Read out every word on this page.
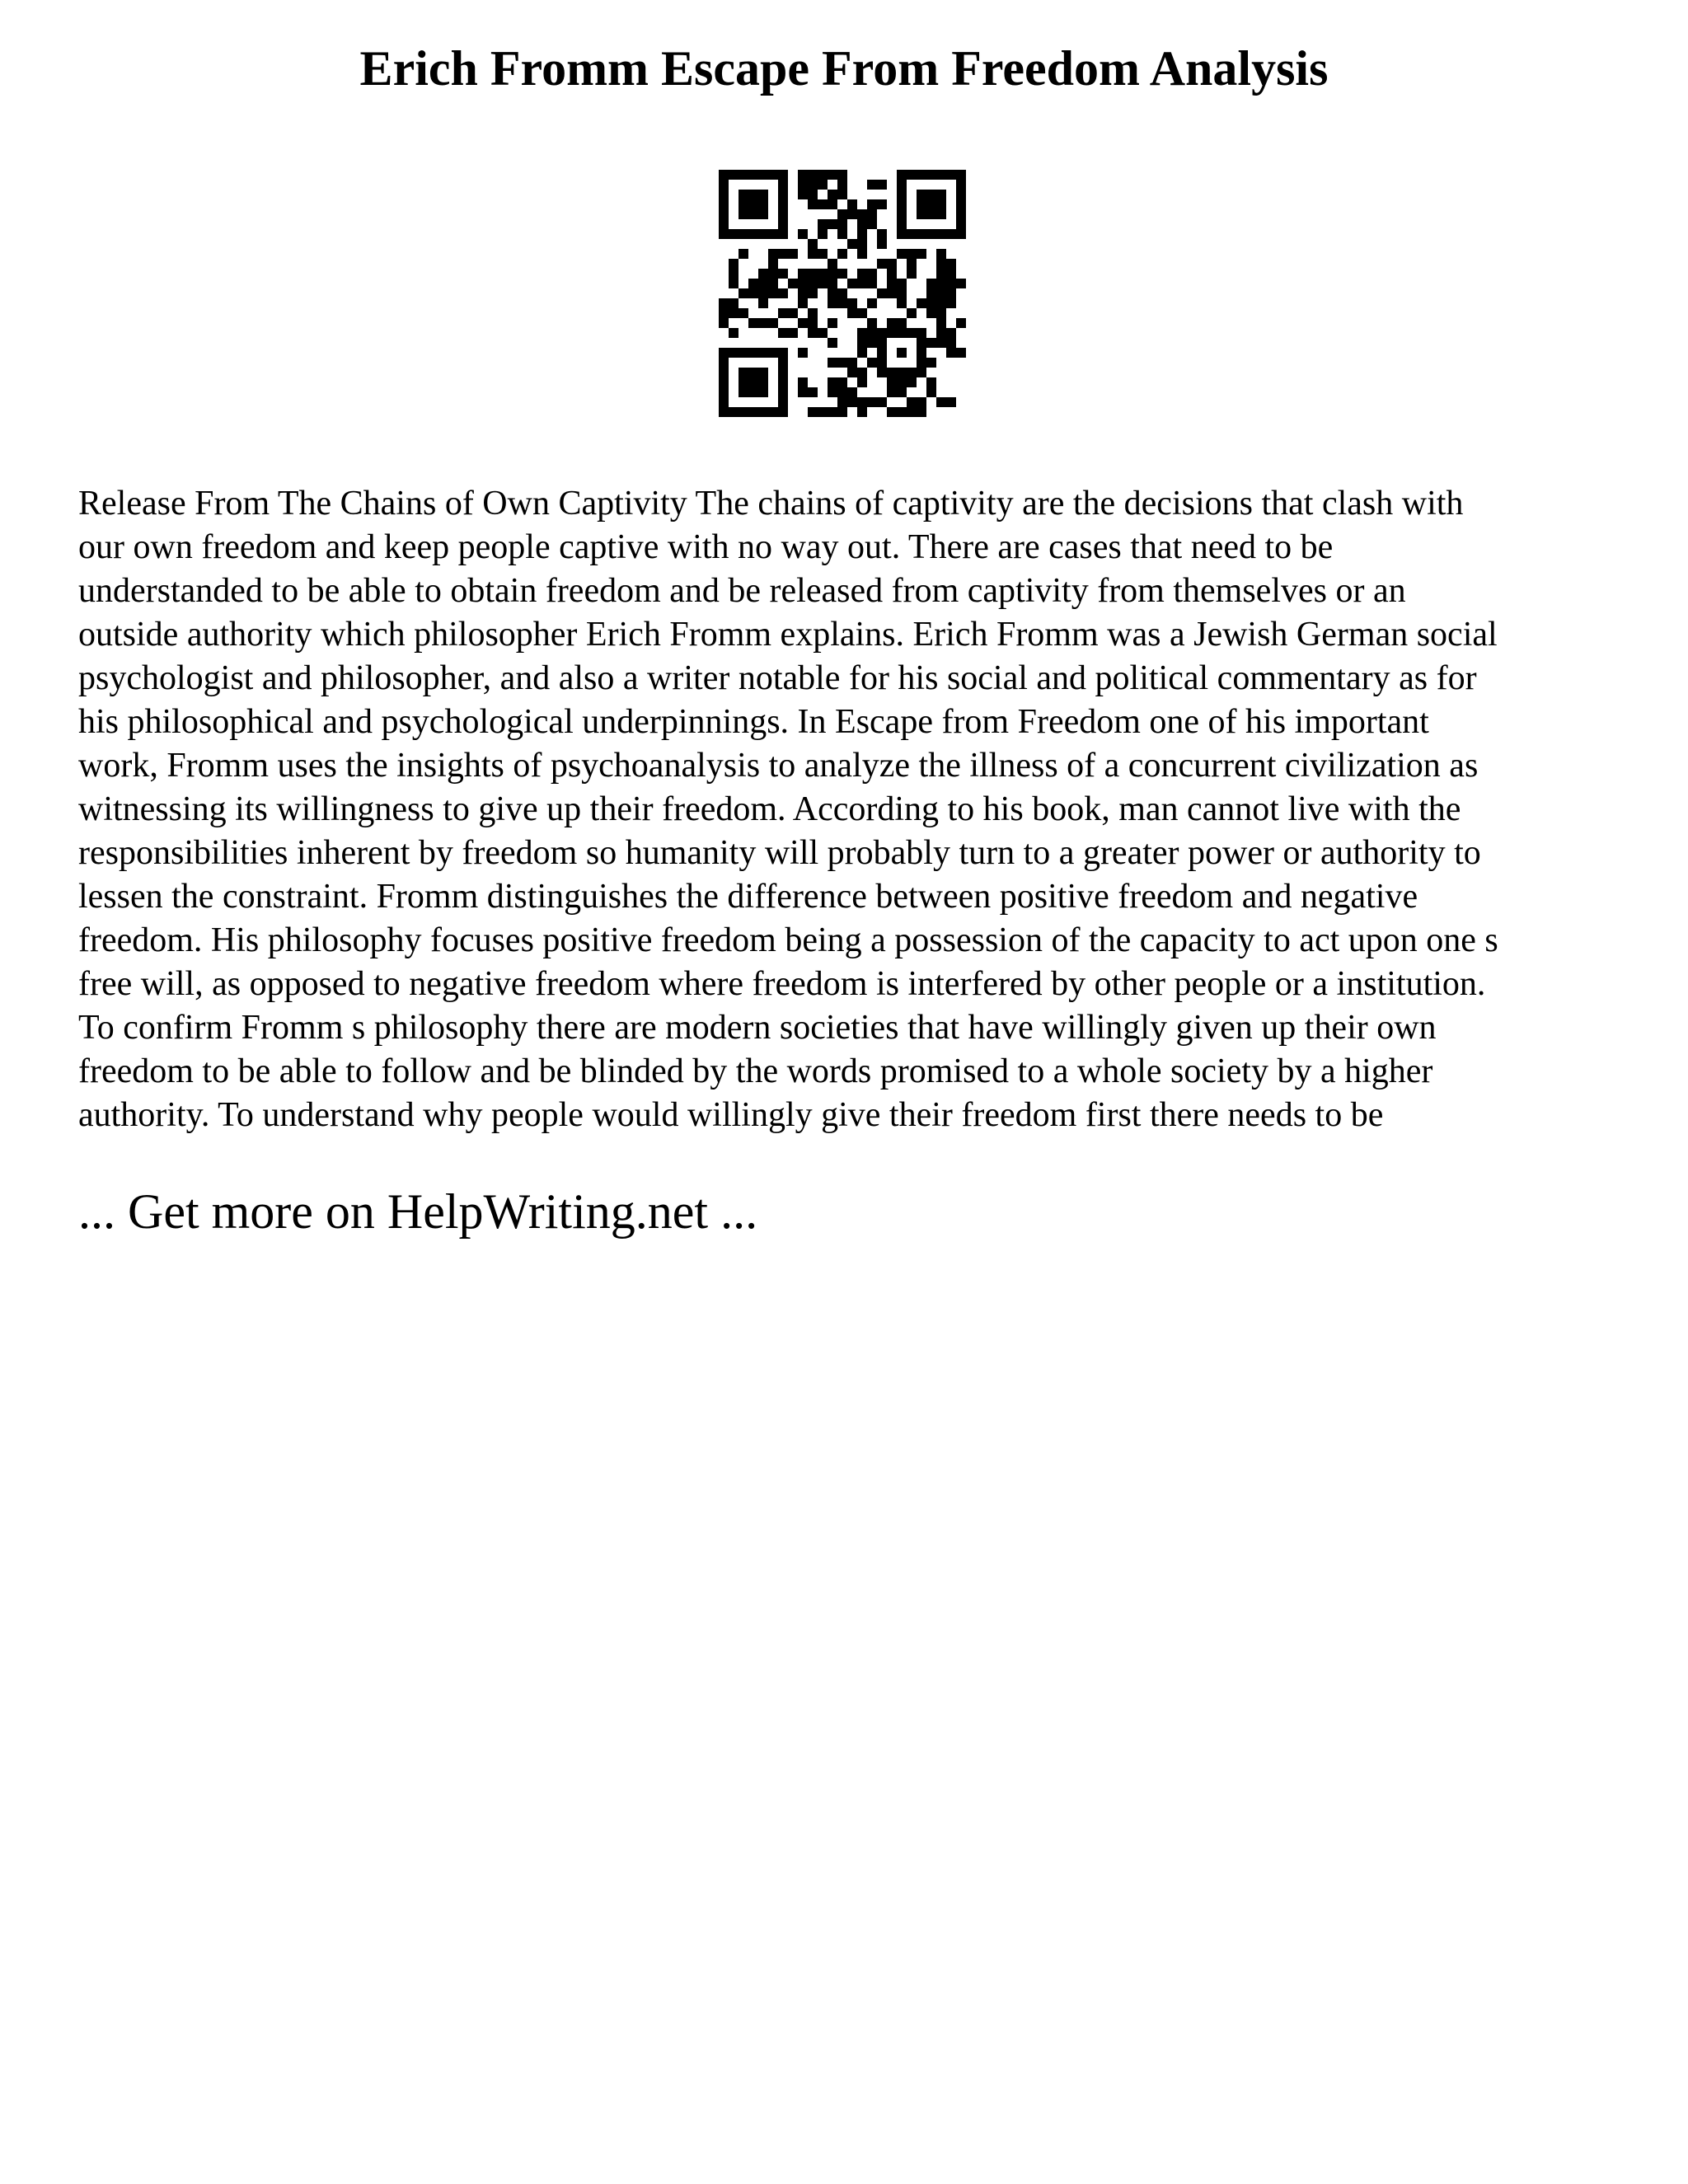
Erich Fromm Escape From Freedom Analysis
Release From The Chains of Own Captivity The chains of captivity are the decisions that clash with
our own freedom and keep people captive with no way out. There are cases that need to be
understanded to be able to obtain freedom and be released from captivity from themselves or an
outside authority which philosopher Erich Fromm explains. Erich Fromm was a Jewish German social
psychologist and philosopher, and also a writer notable for his social and political commentary as for
his philosophical and psychological underpinnings. In Escape from Freedom one of his important
work, Fromm uses the insights of psychoanalysis to analyze the illness of a concurrent civilization as
witnessing its willingness to give up their freedom. According to his book, man cannot live with the
responsibilities inherent by freedom so humanity will probably turn to a greater power or authority to
lessen the constraint. Fromm distinguishes the difference between positive freedom and negative
freedom. His philosophy focuses positive freedom being a possession of the capacity to act upon one s
free will, as opposed to negative freedom where freedom is interfered by other people or a institution.
To confirm Fromm s philosophy there are modern societies that have willingly given up their own
freedom to be able to follow and be blinded by the words promised to a whole society by a higher
authority. To understand why people would willingly give their freedom first there needs to be
... Get more on HelpWriting.net ...
